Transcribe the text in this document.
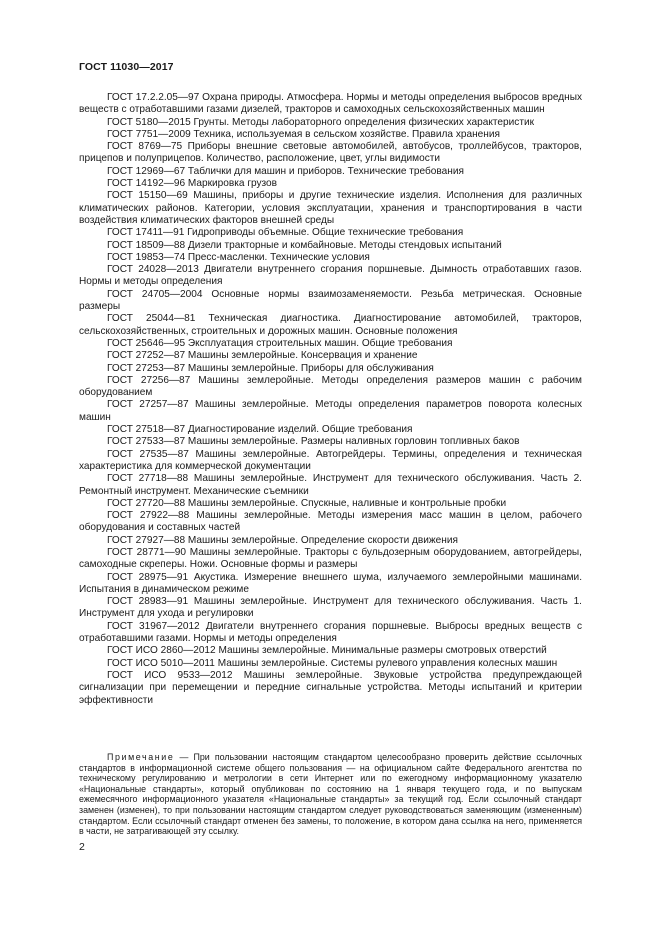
ГОСТ 11030—2017

ГОСТ 17.2.2.05—97 Охрана природы. Атмосфера. Нормы и методы определения выбросов вредных веществ с отработавшими газами дизелей, тракторов и самоходных сельскохозяйственных машин

ГОСТ 5180—2015 Грунты. Методы лабораторного определения физических характеристик

ГОСТ 7751—2009 Техника, используемая в сельском хозяйстве. Правила хранения

ГОСТ 8769—75 Приборы внешние световые автомобилей, автобусов, троллейбусов, тракторов, прицепов и полуприцепов. Количество, расположение, цвет, углы видимости

ГОСТ 12969—67 Таблички для машин и приборов. Технические требования

ГОСТ 14192—96 Маркировка грузов

ГОСТ 15150—69 Машины, приборы и другие технические изделия. Исполнения для различных климатических районов. Категории, условия эксплуатации, хранения и транспортирования в части воздействия климатических факторов внешней среды

ГОСТ 17411—91 Гидроприводы объемные. Общие технические требования

ГОСТ 18509—88 Дизели тракторные и комбайновые. Методы стендовых испытаний

ГОСТ 19853—74 Пресс-масленки. Технические условия

ГОСТ 24028—2013 Двигатели внутреннего сгорания поршневые. Дымность отработавших газов. Нормы и методы определения

ГОСТ 24705—2004 Основные нормы взаимозаменяемости. Резьба метрическая. Основные размеры

ГОСТ 25044—81 Техническая диагностика. Диагностирование автомобилей, тракторов, сельскохозяйственных, строительных и дорожных машин. Основные положения

ГОСТ 25646—95 Эксплуатация строительных машин. Общие требования

ГОСТ 27252—87 Машины землеройные. Консервация и хранение

ГОСТ 27253—87 Машины землеройные. Приборы для обслуживания

ГОСТ 27256—87 Машины землеройные. Методы определения размеров машин с рабочим оборудованием

ГОСТ 27257—87 Машины землеройные. Методы определения параметров поворота колесных машин

ГОСТ 27518—87 Диагностирование изделий. Общие требования

ГОСТ 27533—87 Машины землеройные. Размеры наливных горловин топливных баков

ГОСТ 27535—87 Машины землеройные. Автогрейдеры. Термины, определения и техническая характеристика для коммерческой документации

ГОСТ 27718—88 Машины землеройные. Инструмент для технического обслуживания. Часть 2. Ремонтный инструмент. Механические съемники

ГОСТ 27720—88 Машины землеройные. Спускные, наливные и контрольные пробки

ГОСТ 27922—88 Машины землеройные. Методы измерения масс машин в целом, рабочего оборудования и составных частей

ГОСТ 27927—88 Машины землеройные. Определение скорости движения

ГОСТ 28771—90 Машины землеройные. Тракторы с бульдозерным оборудованием, автогрейдеры, самоходные скреперы. Ножи. Основные формы и размеры

ГОСТ 28975—91 Акустика. Измерение внешнего шума, излучаемого землеройными машинами. Испытания в динамическом режиме

ГОСТ 28983—91 Машины землеройные. Инструмент для технического обслуживания. Часть 1. Инструмент для ухода и регулировки

ГОСТ 31967—2012 Двигатели внутреннего сгорания поршневые. Выбросы вредных веществ с отработавшими газами. Нормы и методы определения

ГОСТ ИСО 2860—2012 Машины землеройные. Минимальные размеры смотровых отверстий

ГОСТ ИСО 5010—2011 Машины землеройные. Системы рулевого управления колесных машин

ГОСТ ИСО 9533—2012 Машины землеройные. Звуковые устройства предупреждающей сигнализации при перемещении и передние сигнальные устройства. Методы испытаний и критерии эффективности

Примечание — При пользовании настоящим стандартом целесообразно проверить действие ссылочных стандартов в информационной системе общего пользования — на официальном сайте Федерального агентства по техническому регулированию и метрологии в сети Интернет или по ежегодному информационному указателю «Национальные стандарты», который опубликован по состоянию на 1 января текущего года, и по выпускам ежемесячного информационного указателя «Национальные стандарты» за текущий год. Если ссылочный стандарт заменен (изменен), то при пользовании настоящим стандартом следует руководствоваться заменяющим (измененным) стандартом. Если ссылочный стандарт отменен без замены, то положение, в котором дана ссылка на него, применяется в части, не затрагивающей эту ссылку.
2
